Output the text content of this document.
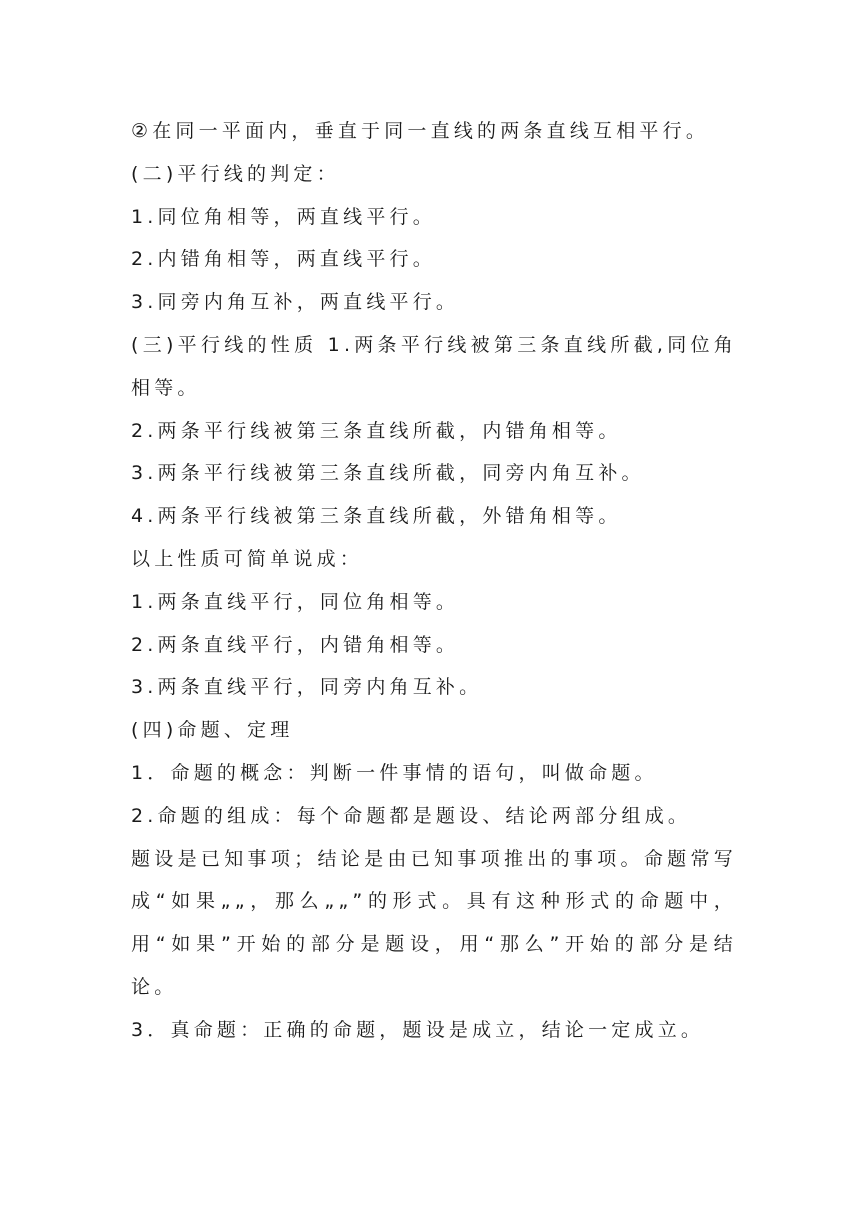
②在同一平面内，垂直于同一直线的两条直线互相平行。

(二)平行线的判定：

1.同位角相等，两直线平行。

2.内错角相等，两直线平行。

3.同旁内角互补，两直线平行。

(三)平行线的性质 1.两条平行线被第三条直线所截,同位角相等。

2.两条平行线被第三条直线所截，内错角相等。

3.两条平行线被第三条直线所截，同旁内角互补。

4.两条平行线被第三条直线所截，外错角相等。

以上性质可简单说成：

1.两条直线平行，同位角相等。

2.两条直线平行，内错角相等。

3.两条直线平行，同旁内角互补。

(四)命题、定理

1．命题的概念：判断一件事情的语句，叫做命题。

2.命题的组成：每个命题都是题设、结论两部分组成。

题设是已知事项；结论是由已知事项推出的事项。命题常写成“如果„„，那么„„”的形式。具有这种形式的命题中，用“如果”开始的部分是题设，用“那么”开始的部分是结论。

3．真命题：正确的命题，题设是成立，结论一定成立。
